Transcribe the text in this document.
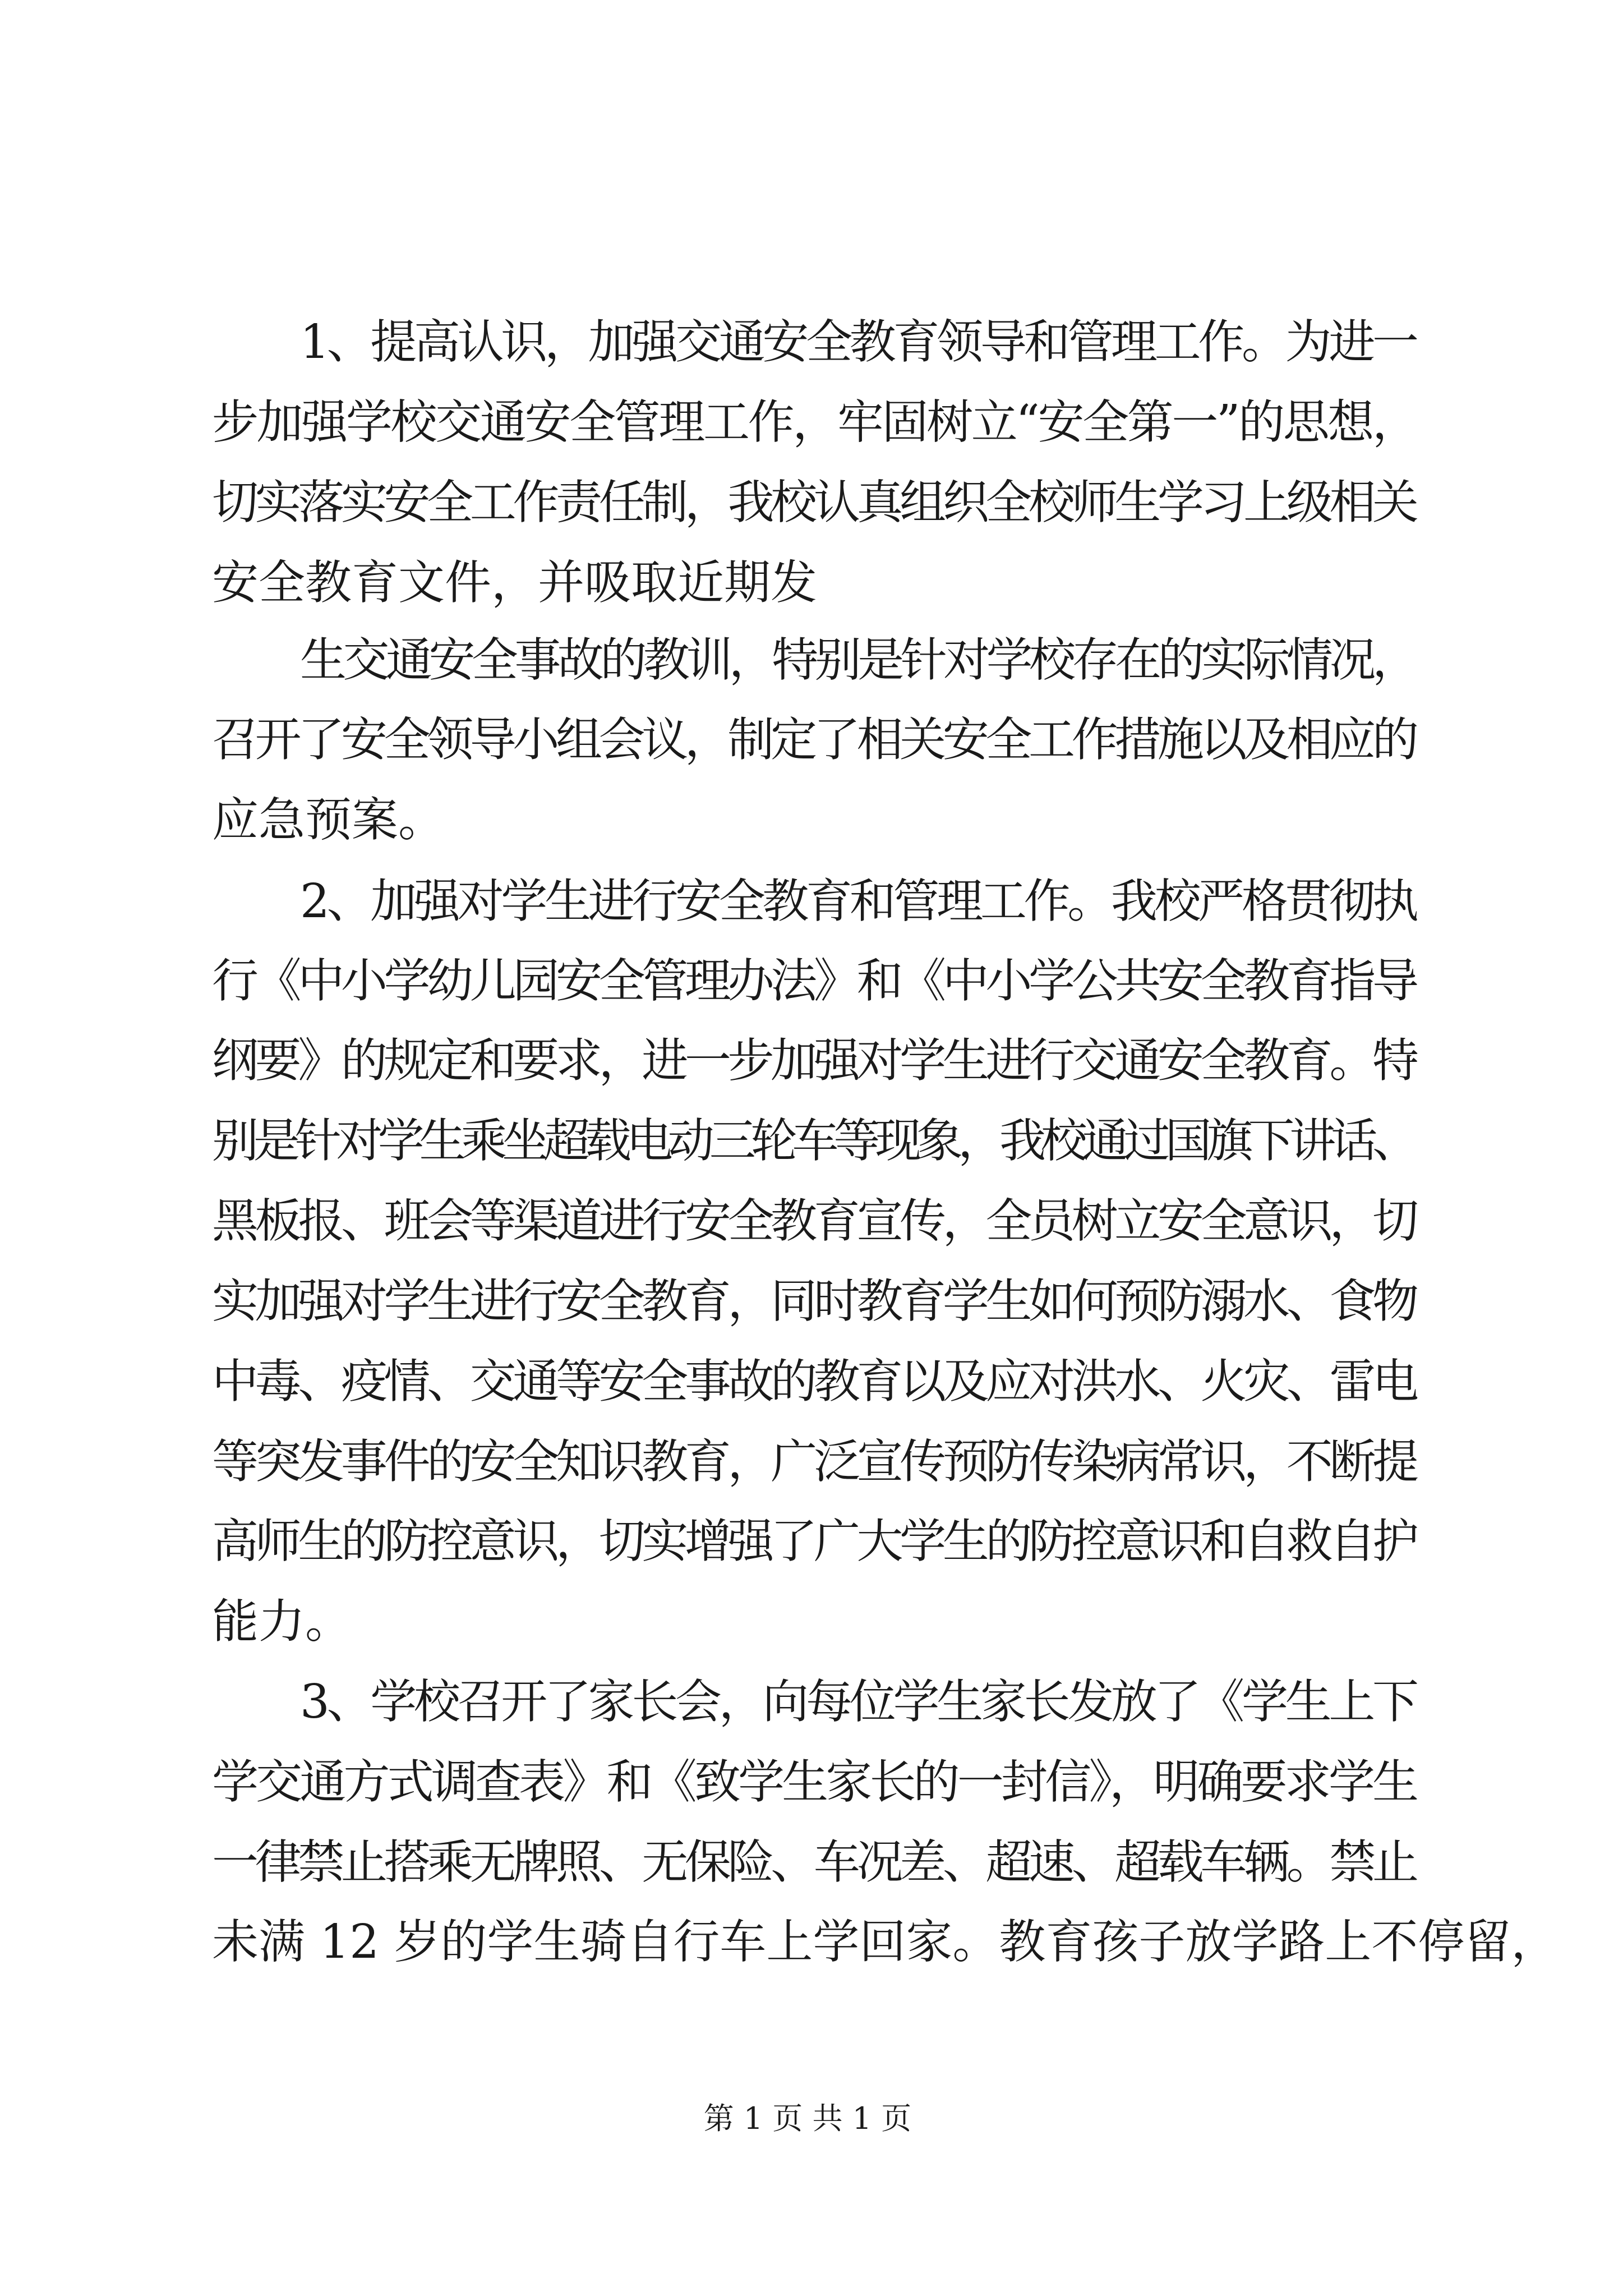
1、提高认识，加强交通安全教育领导和管理工作。为进一
步加强学校交通安全管理工作，牢固树立“安全第一”的思想，
切实落实安全工作责任制，我校认真组织全校师生学习上级相关
安全教育文件，并吸取近期发
生交通安全事故的教训，特别是针对学校存在的实际情况，
召开了安全领导小组会议，制定了相关安全工作措施以及相应的
应急预案。
2、加强对学生进行安全教育和管理工作。我校严格贯彻执
行《中小学幼儿园安全管理办法》和《中小学公共安全教育指导
纲要》的规定和要求，进一步加强对学生进行交通安全教育。特
别是针对学生乘坐超载电动三轮车等现象，我校通过国旗下讲话、
黑板报、班会等渠道进行安全教育宣传，全员树立安全意识，切
实加强对学生进行安全教育，同时教育学生如何预防溺水、食物
中毒、疫情、交通等安全事故的教育以及应对洪水、火灾、雷电
等突发事件的安全知识教育，广泛宣传预防传染病常识，不断提
高师生的防控意识，切实增强了广大学生的防控意识和自救自护
能力。
3、学校召开了家长会，向每位学生家长发放了《学生上下
学交通方式调查表》和《致学生家长的一封信》，明确要求学生
一律禁止搭乘无牌照、无保险、车况差、超速、超载车辆。禁止
未满 12 岁的学生骑自行车上学回家。教育孩子放学路上不停留，
第 1 页 共 1 页
